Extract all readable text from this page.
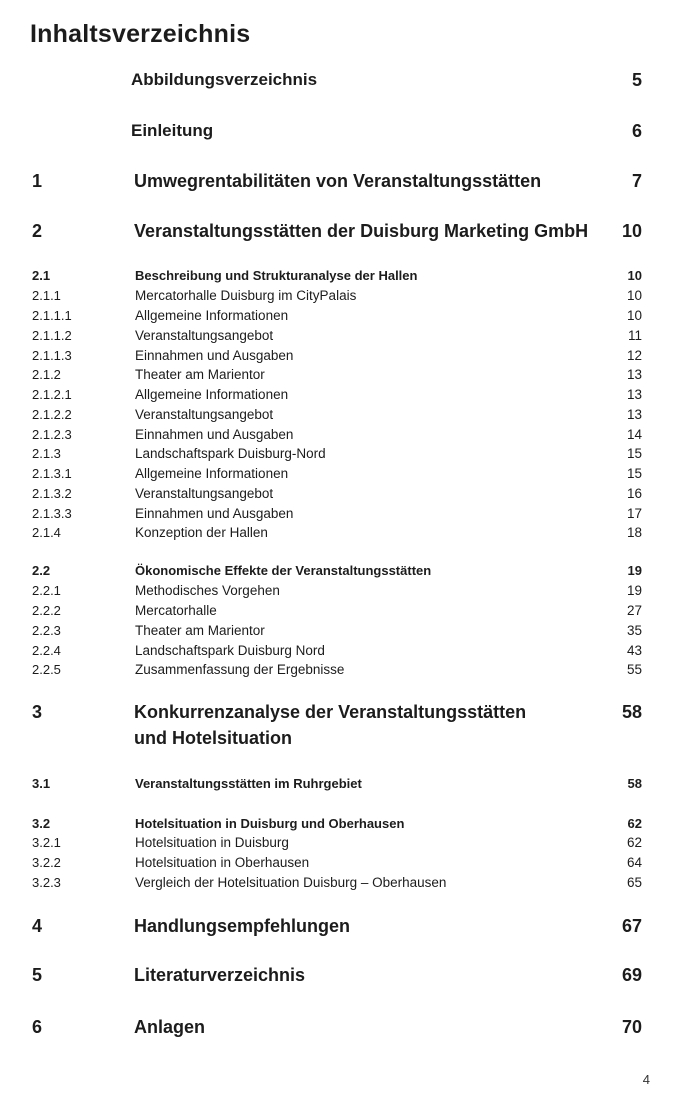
Inhaltsverzeichnis
Abbildungsverzeichnis	5
Einleitung	6
1	Umwegrentabilitäten von Veranstaltungsstätten	7
2	Veranstaltungsstätten der Duisburg Marketing GmbH 10
2.1	Beschreibung und Strukturanalyse der Hallen	10
2.1.1	Mercatorhalle Duisburg im CityPalais	10
2.1.1.1	Allgemeine Informationen	10
2.1.1.2	Veranstaltungsangebot	11
2.1.1.3	Einnahmen und Ausgaben	12
2.1.2	Theater am Marientor	13
2.1.2.1	Allgemeine Informationen	13
2.1.2.2	Veranstaltungsangebot	13
2.1.2.3	Einnahmen und Ausgaben	14
2.1.3	Landschaftspark Duisburg-Nord	15
2.1.3.1	Allgemeine Informationen	15
2.1.3.2	Veranstaltungsangebot	16
2.1.3.3	Einnahmen und Ausgaben	17
2.1.4	Konzeption der Hallen	18
2.2	Ökonomische Effekte der Veranstaltungsstätten	19
2.2.1	Methodisches Vorgehen	19
2.2.2	Mercatorhalle	27
2.2.3	Theater am Marientor	35
2.2.4	Landschaftspark Duisburg Nord	43
2.2.5	Zusammenfassung der Ergebnisse	55
3	Konkurrenzanalyse der Veranstaltungsstätten
und Hotelsituation
58
3.1	Veranstaltungsstätten im Ruhrgebiet	58
3.2	Hotelsituation in Duisburg und Oberhausen	62
3.2.1	Hotelsituation in Duisburg	62
3.2.2	Hotelsituation in Oberhausen	64
3.2.3	Vergleich der Hotelsituation Duisburg – Oberhausen	65
4	Handlungsempfehlungen	67
5	Literaturverzeichnis	69
6	Anlagen	70
4
